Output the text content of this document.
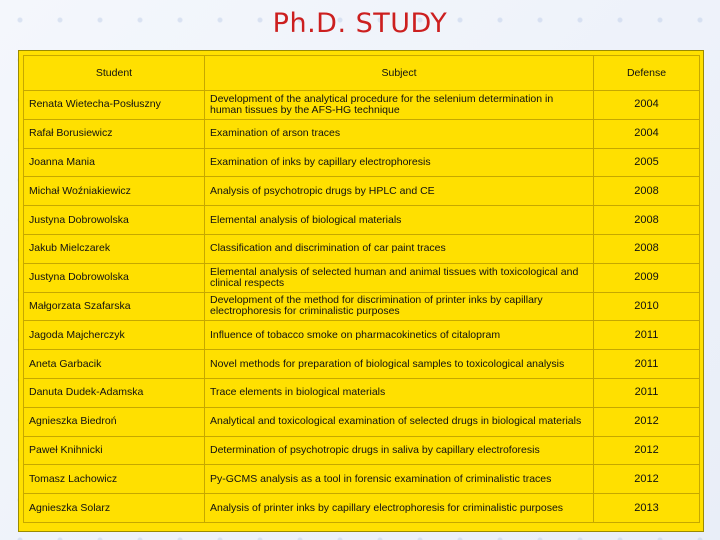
Ph.D. STUDY
Student	Subject	Defense
Renata Wietecha-Posłuszny	Development of the analytical procedure for the selenium determination in human tissues by the AFS-HG technique	2004
Rafał Borusiewicz	Examination of arson traces	2004
Joanna Mania	Examination of inks by capillary electrophoresis	2005
Michał Woźniakiewicz	Analysis of psychotropic drugs by HPLC and CE	2008
Justyna Dobrowolska	Elemental analysis of biological materials	2008
Jakub Mielczarek	Classification and discrimination of car paint traces	2008
Justyna Dobrowolska	Elemental analysis of selected human and animal tissues with toxicological and clinical respects	2009
Małgorzata Szafarska	Development of the method for discrimination of printer inks by capillary electrophoresis for criminalistic purposes	2010
Jagoda Majcherczyk	Influence of tobacco smoke on pharmacokinetics of citalopram	2011
Aneta Garbacik	Novel methods for preparation of biological samples to toxicological analysis	2011
Danuta Dudek-Adamska	Trace elements in biological materials	2011
Agnieszka Biedroń	Analytical and toxicological examination of selected drugs in biological materials	2012
Paweł Knihnicki	Determination of psychotropic drugs in saliva by capillary electroforesis	2012
Tomasz Lachowicz	Py-GCMS analysis as a tool in forensic examination of criminalistic traces	2012
Agnieszka Solarz	Analysis of printer inks by capillary electrophoresis for criminalistic purposes	2013
